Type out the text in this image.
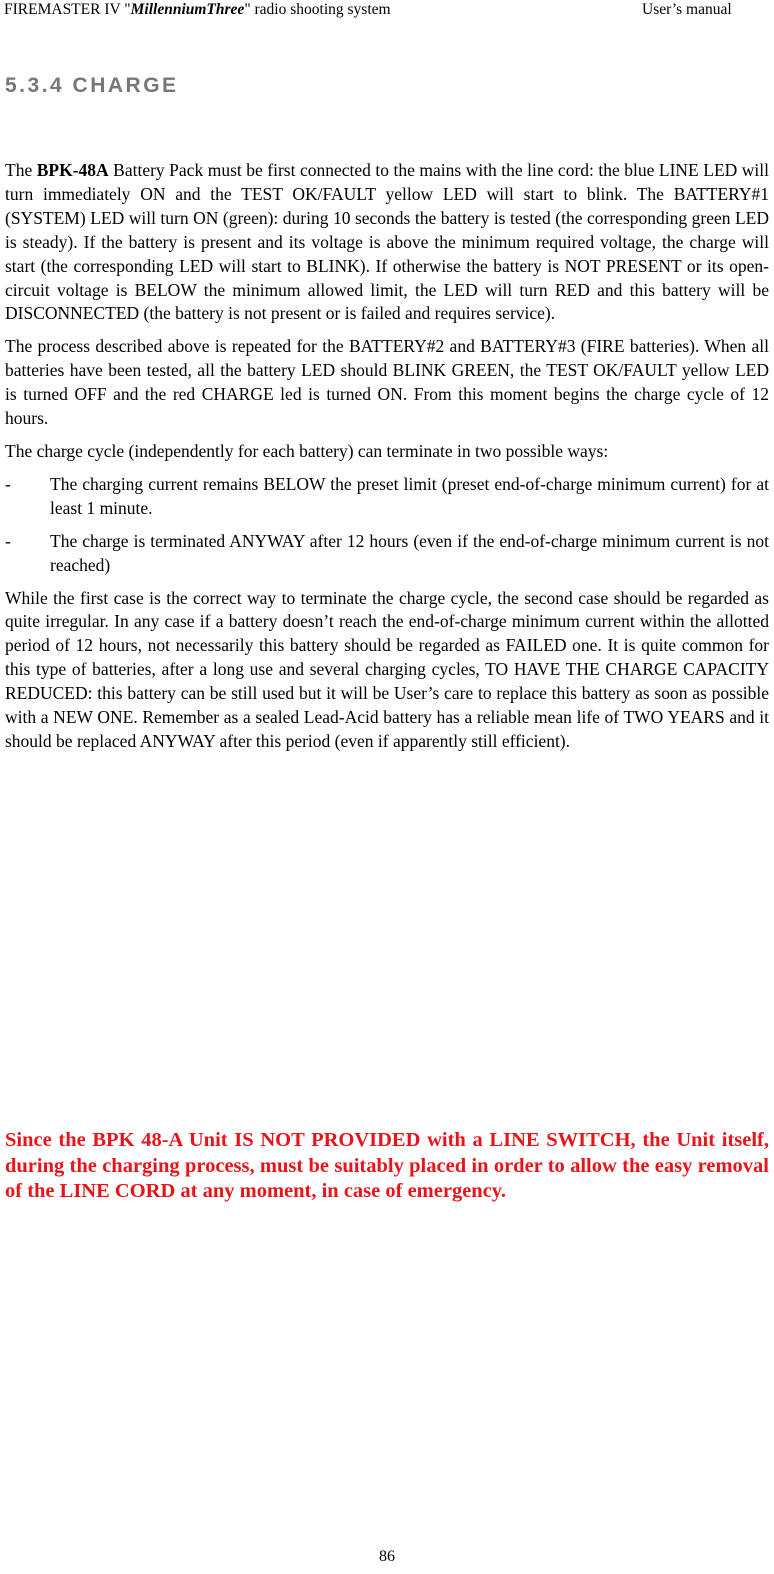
FIREMASTER IV "MillenniumThree" radio shooting system	User’s manual
5.3.4 CHARGE

The BPK-48A Battery Pack must be first connected to the mains with the line cord: the blue LINE LED will turn immediately ON and the TEST OK/FAULT yellow LED will start to blink. The BATTERY#1 (SYSTEM) LED will turn ON (green): during 10 seconds the battery is tested (the corresponding green LED is steady). If the battery is present and its voltage is above the minimum required voltage, the charge will start (the corresponding LED will start to BLINK). If otherwise the battery is NOT PRESENT or its open-circuit voltage is BELOW the minimum allowed limit, the LED will turn RED and this battery will be DISCONNECTED (the battery is not present or is failed and requires service).

The process described above is repeated for the BATTERY#2 and BATTERY#3 (FIRE batteries). When all batteries have been tested, all the battery LED should BLINK GREEN, the TEST OK/FAULT yellow LED is turned OFF and the red CHARGE led is turned ON. From this moment begins the charge cycle of 12 hours.

The charge cycle (independently for each battery) can terminate in two possible ways:

-	The charging current remains BELOW the preset limit (preset end-of-charge minimum current) for at least 1 minute.
-	The charge is terminated ANYWAY after 12 hours (even if the end-of-charge minimum current is not reached)

While the first case is the correct way to terminate the charge cycle, the second case should be regarded as quite irregular. In any case if a battery doesn’t reach the end-of-charge minimum current within the allotted period of 12 hours, not necessarily this battery should be regarded as FAILED one. It is quite common for this type of batteries, after a long use and several charging cycles, TO HAVE THE CHARGE CAPACITY REDUCED: this battery can be still used but it will be User’s care to replace this battery as soon as possible with a NEW ONE. Remember as a sealed Lead-Acid battery has a reliable mean life of TWO YEARS and it should be replaced ANYWAY after this period (even if apparently still efficient).

Since the BPK 48-A Unit IS NOT PROVIDED with a LINE SWITCH, the Unit itself, during the charging process, must be suitably placed in order to allow the easy removal of the LINE CORD at any moment, in case of emergency.
86
